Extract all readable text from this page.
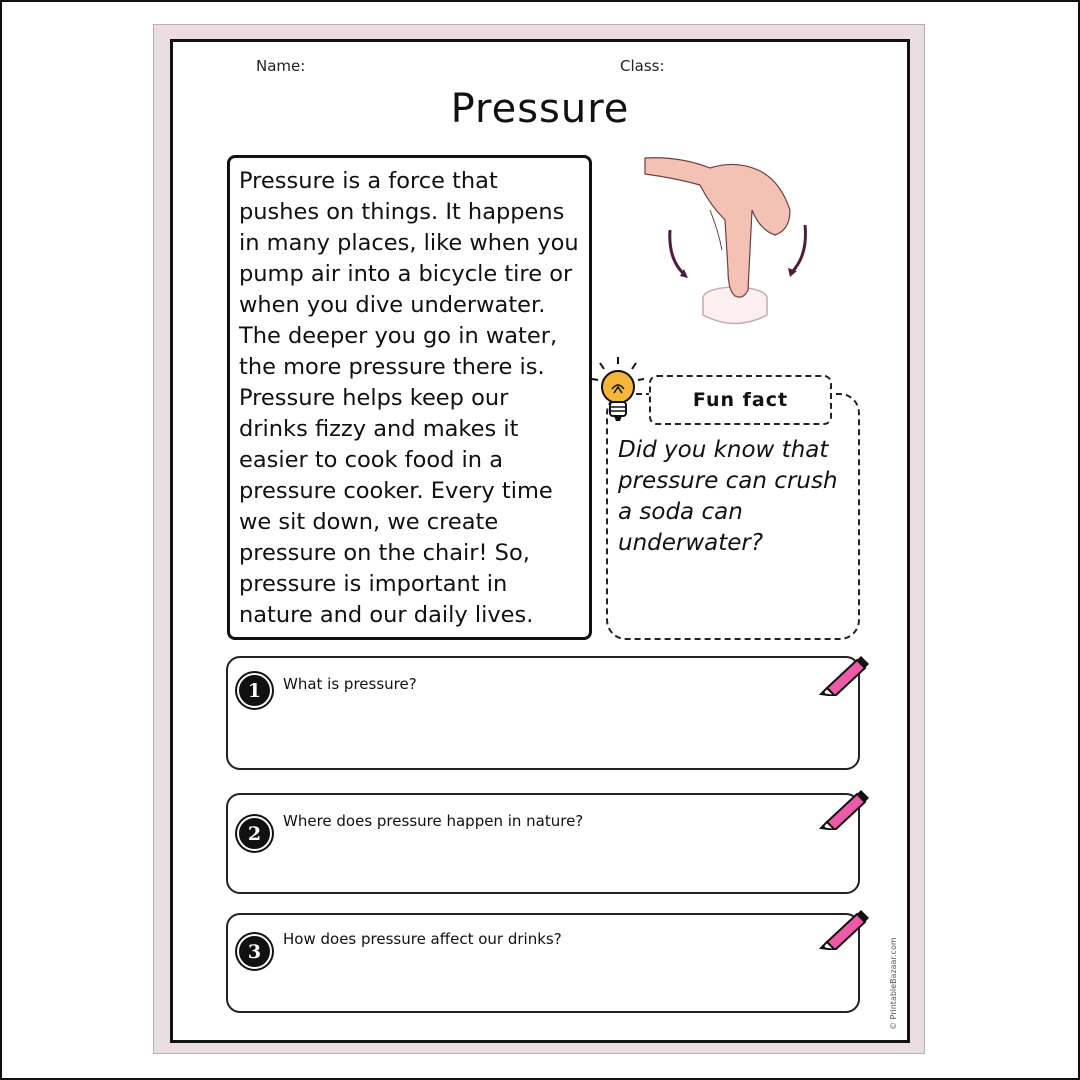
Name:	Class:
Pressure
Pressure is a force that pushes on things. It happens in many places, like when you pump air into a bicycle tire or when you dive underwater. The deeper you go in water, the more pressure there is. Pressure helps keep our drinks fizzy and makes it easier to cook food in a pressure cooker. Every time we sit down, we create pressure on the chair! So, pressure is important in nature and our daily lives.
Fun fact
Did you know that pressure can crush a soda can underwater?
1	What is pressure?
2
Where does pressure happen in nature?
3
How does pressure affect our drinks?	© PrintableBazaar.com
